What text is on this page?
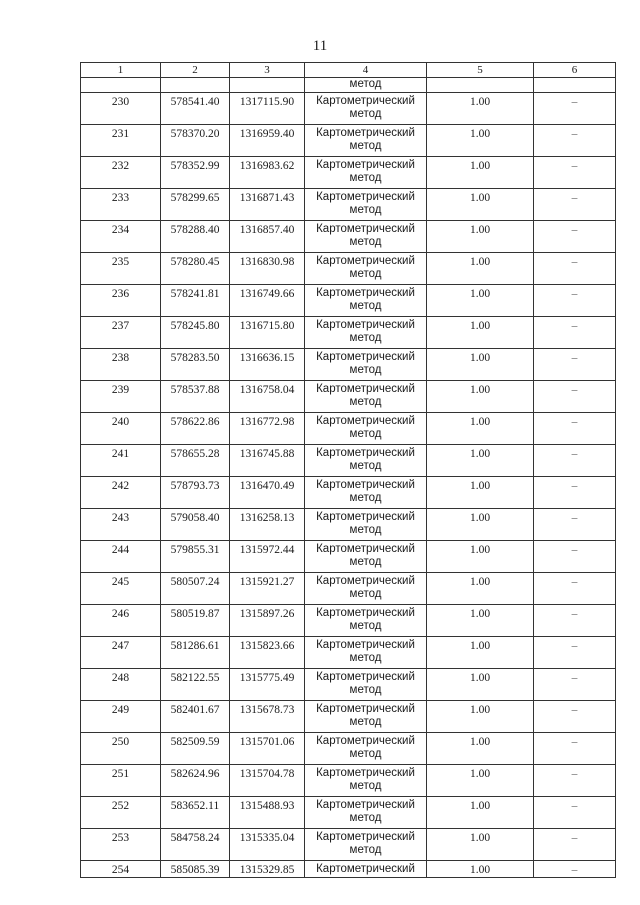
11
1	2	3	4	5	6
			метод		
230	578541.40	1317115.90	Картометрический метод	1.00	–
231	578370.20	1316959.40	Картометрический метод	1.00	–
232	578352.99	1316983.62	Картометрический метод	1.00	–
233	578299.65	1316871.43	Картометрический метод	1.00	–
234	578288.40	1316857.40	Картометрический метод	1.00	–
235	578280.45	1316830.98	Картометрический метод	1.00	–
236	578241.81	1316749.66	Картометрический метод	1.00	–
237	578245.80	1316715.80	Картометрический метод	1.00	–
238	578283.50	1316636.15	Картометрический метод	1.00	–
239	578537.88	1316758.04	Картометрический метод	1.00	–
240	578622.86	1316772.98	Картометрический метод	1.00	–
241	578655.28	1316745.88	Картометрический метод	1.00	–
242	578793.73	1316470.49	Картометрический метод	1.00	–
243	579058.40	1316258.13	Картометрический метод	1.00	–
244	579855.31	1315972.44	Картометрический метод	1.00	–
245	580507.24	1315921.27	Картометрический метод	1.00	–
246	580519.87	1315897.26	Картометрический метод	1.00	–
247	581286.61	1315823.66	Картометрический метод	1.00	–
248	582122.55	1315775.49	Картометрический метод	1.00	–
249	582401.67	1315678.73	Картометрический метод	1.00	–
250	582509.59	1315701.06	Картометрический метод	1.00	–
251	582624.96	1315704.78	Картометрический метод	1.00	–
252	583652.11	1315488.93	Картометрический метод	1.00	–
253	584758.24	1315335.04	Картометрический метод	1.00	–
254	585085.39	1315329.85	Картометрический	1.00	–
